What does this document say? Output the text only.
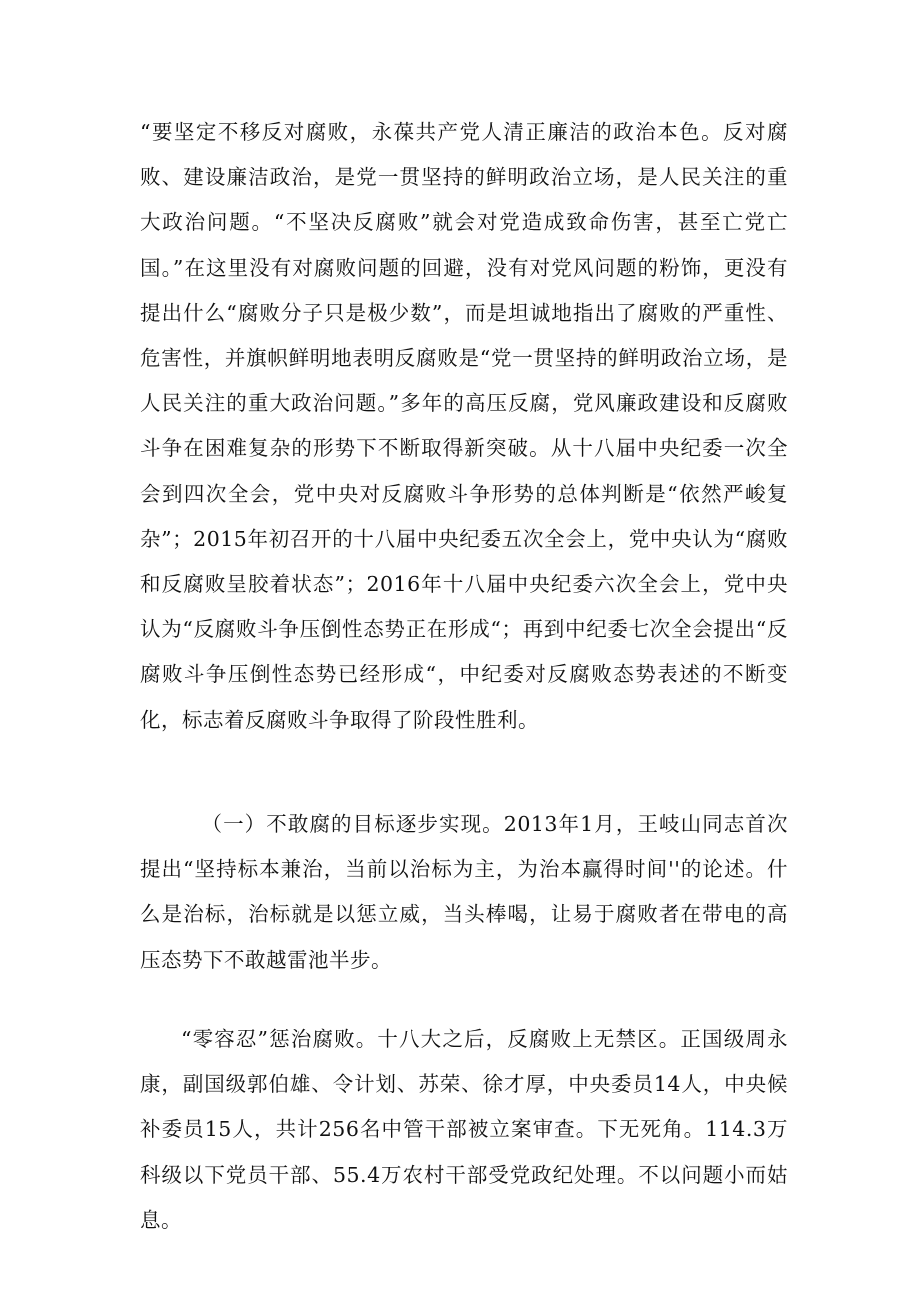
“要坚定不移反对腐败，永葆共产党人清正廉洁的政治本色。反对腐败、建设廉洁政治，是党一贯坚持的鲜明政治立场，是人民关注的重大政治问题。“不坚决反腐败”就会对党造成致命伤害，甚至亡党亡国。”在这里没有对腐败问题的回避，没有对党风问题的粉饰，更没有提出什么“腐败分子只是极少数”，而是坦诚地指出了腐败的严重性、危害性，并旗帜鲜明地表明反腐败是“党一贯坚持的鲜明政治立场，是人民关注的重大政治问题。”多年的高压反腐，党风廉政建设和反腐败斗争在困难复杂的形势下不断取得新突破。从十八届中央纪委一次全会到四次全会，党中央对反腐败斗争形势的总体判断是“依然严峻复杂”；2015年初召开的十八届中央纪委五次全会上，党中央认为“腐败和反腐败呈胶着状态”；2016年十八届中央纪委六次全会上，党中央认为“反腐败斗争压倒性态势正在形成“；再到中纪委七次全会提出“反腐败斗争压倒性态势已经形成“，中纪委对反腐败态势表述的不断变化，标志着反腐败斗争取得了阶段性胜利。

（一）不敢腐的目标逐步实现。2013年1月，王岐山同志首次提出“坚持标本兼治，当前以治标为主，为治本赢得时间''的论述。什么是治标，治标就是以惩立威，当头棒喝，让易于腐败者在带电的高压态势下不敢越雷池半步。

“零容忍”惩治腐败。十八大之后，反腐败上无禁区。正国级周永康，副国级郭伯雄、令计划、苏荣、徐才厚，中央委员14人，中央候补委员15人，共计256名中管干部被立案审查。下无死角。114.3万科级以下党员干部、55.4万农村干部受党政纪处理。不以问题小而姑息。
